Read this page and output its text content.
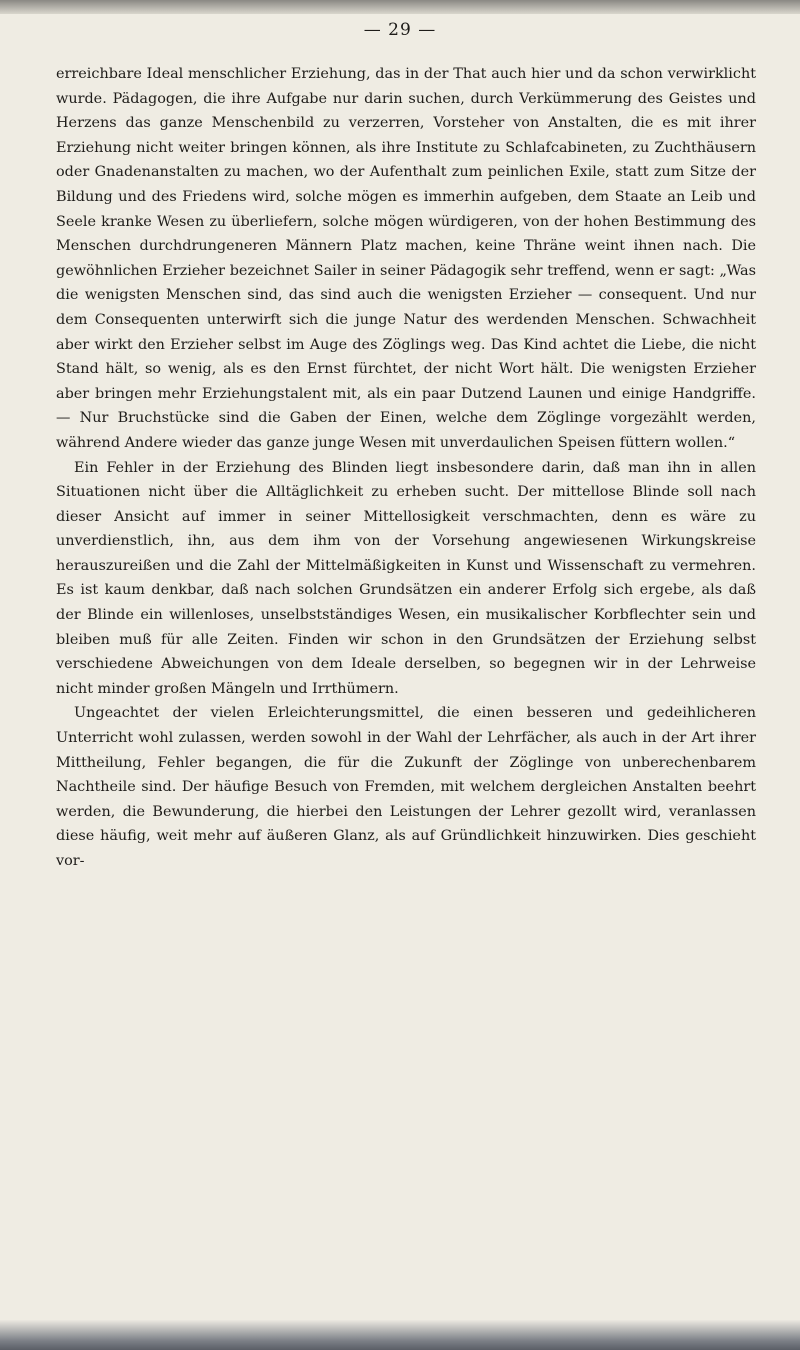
— 29 —

erreichbare Ideal menschlicher Erziehung, das in der That auch hier und da schon verwirklicht wurde. Pädagogen, die ihre Aufgabe nur darin suchen, durch Verkümmerung des Geistes und Herzens das ganze Menschenbild zu verzerren, Vorsteher von Anstalten, die es mit ihrer Erziehung nicht weiter bringen können, als ihre Institute zu Schlafcabineten, zu Zuchthäusern oder Gnadenanstalten zu machen, wo der Aufenthalt zum peinlichen Exile, statt zum Sitze der Bildung und des Friedens wird, solche mögen es immerhin aufgeben, dem Staate an Leib und Seele kranke Wesen zu überliefern, solche mögen würdigeren, von der hohen Bestimmung des Menschen durchdrungeneren Männern Platz machen, keine Thräne weint ihnen nach. Die gewöhnlichen Erzieher bezeichnet Sailer in seiner Pädagogik sehr treffend, wenn er sagt: „Was die wenigsten Menschen sind, das sind auch die wenigsten Erzieher — consequent. Und nur dem Consequenten unterwirft sich die junge Natur des werdenden Menschen. Schwachheit aber wirkt den Erzieher selbst im Auge des Zöglings weg. Das Kind achtet die Liebe, die nicht Stand hält, so wenig, als es den Ernst fürchtet, der nicht Wort hält. Die wenigsten Erzieher aber bringen mehr Erziehungstalent mit, als ein paar Dutzend Launen und einige Handgriffe. — Nur Bruchstücke sind die Gaben der Einen, welche dem Zöglinge vorgezählt werden, während Andere wieder das ganze junge Wesen mit unverdaulichen Speisen füttern wollen.“

Ein Fehler in der Erziehung des Blinden liegt insbesondere darin, daß man ihn in allen Situationen nicht über die Alltäglichkeit zu erheben sucht. Der mittellose Blinde soll nach dieser Ansicht auf immer in seiner Mittellosigkeit verschmachten, denn es wäre zu unverdienstlich, ihn, aus dem ihm von der Vorsehung angewiesenen Wirkungskreise herauszureißen und die Zahl der Mittelmäßigkeiten in Kunst und Wissenschaft zu vermehren. Es ist kaum denkbar, daß nach solchen Grundsätzen ein anderer Erfolg sich ergebe, als daß der Blinde ein willenloses, unselbstständiges Wesen, ein musikalischer Korbflechter sein und bleiben muß für alle Zeiten. Finden wir schon in den Grundsätzen der Erziehung selbst verschiedene Abweichungen von dem Ideale derselben, so begegnen wir in der Lehrweise nicht minder großen Mängeln und Irrthümern.

Ungeachtet der vielen Erleichterungsmittel, die einen besseren und gedeihlicheren Unterricht wohl zulassen, werden sowohl in der Wahl der Lehrfächer, als auch in der Art ihrer Mittheilung, Fehler begangen, die für die Zukunft der Zöglinge von unberechenbarem Nachtheile sind. Der häufige Besuch von Fremden, mit welchem dergleichen Anstalten beehrt werden, die Bewunderung, die hierbei den Leistungen der Lehrer gezollt wird, veranlassen diese häufig, weit mehr auf äußeren Glanz, als auf Gründlichkeit hinzuwirken. Dies geschieht vor-
